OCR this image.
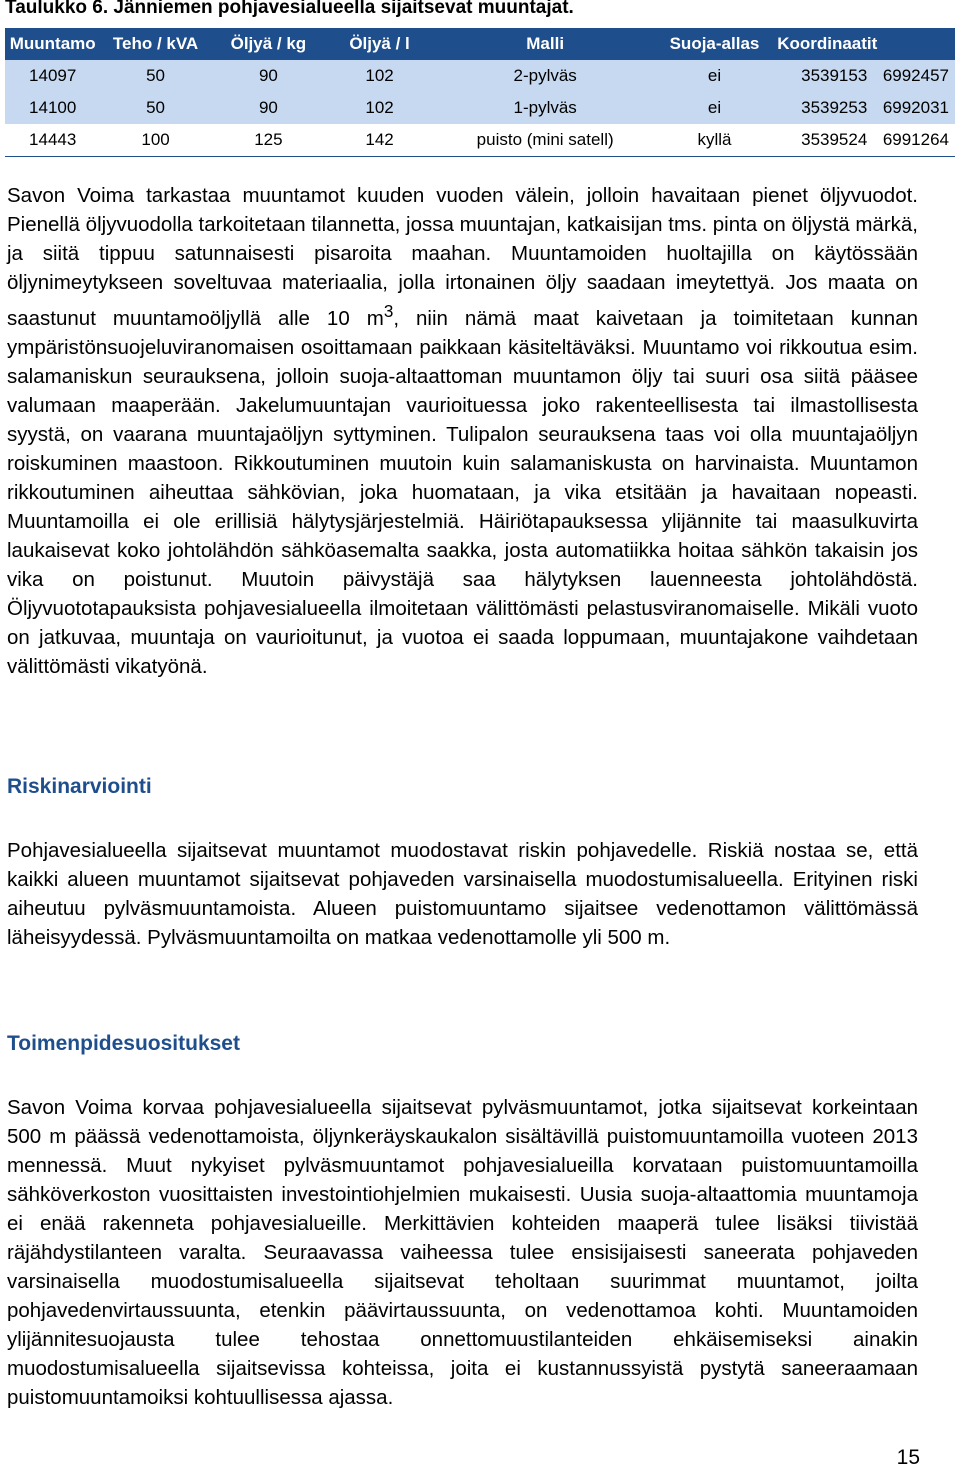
Taulukko 6. Jänniemen pohjavesialueella sijaitsevat muuntajat.

Muuntamo	Teho / kVA	Öljyä / kg	Öljyä / l	Malli	Suoja-allas	Koordinaatit	
14097	50	90	102	2-pylväs	ei	3539153	6992457
14100	50	90	102	1-pylväs	ei	3539253	6992031
14443	100	125	142	puisto (mini satell)	kyllä	3539524	6991264

Savon Voima tarkastaa muuntamot kuuden vuoden välein, jolloin havaitaan pienet öljyvuodot. Pienellä öljyvuodolla tarkoitetaan tilannetta, jossa muuntajan, katkaisijan tms. pinta on öljystä märkä, ja siitä tippuu satunnaisesti pisaroita maahan. Muuntamoiden huoltajilla on käytössään öljynimeytykseen soveltuvaa materiaalia, jolla irtonainen öljy saadaan imeytettyä. Jos maata on saastunut muuntamoöljyllä alle 10 $m^3$, niin nämä maat kaivetaan ja toimitetaan kunnan ympäristönsuojeluviranomaisen osoittamaan paikkaan käsiteltäväksi. Muuntamo voi rikkoutua esim. salamaniskun seurauksena, jolloin suoja-altaattoman muuntamon öljy tai suuri osa siitä pääsee valumaan maaperään. Jakelumuuntajan vaurioituessa joko rakenteellisesta tai ilmastollisesta syystä, on vaarana muuntajaöljyn syttyminen. Tulipalon seurauksena taas voi olla muuntajaöljyn roiskuminen maastoon. Rikkoutuminen muutoin kuin salamaniskusta on harvinaista. Muuntamon rikkoutuminen aiheuttaa sähkövian, joka huomataan, ja vika etsitään ja havaitaan nopeasti. Muuntamoilla ei ole erillisiä hälytysjärjestelmiä. Häiriötapauksessa ylijännite tai maasulkuvirta laukaisevat koko johtolähdön sähköasemalta saakka, josta automatiikka hoitaa sähkön takaisin jos vika on poistunut. Muutoin päivystäjä saa hälytyksen lauenneesta johtolähdöstä. Öljyvuototapauksista pohjavesialueella ilmoitetaan välittömästi pelastusviranomaiselle. Mikäli vuoto on jatkuvaa, muuntaja on vaurioitunut, ja vuotoa ei saada loppumaan, muuntajakone vaihdetaan välittömästi vikatyönä.

Riskinarviointi

Pohjavesialueella sijaitsevat muuntamot muodostavat riskin pohjavedelle. Riskiä nostaa se, että kaikki alueen muuntamot sijaitsevat pohjaveden varsinaisella muodostumisalueella. Erityinen riski aiheutuu pylväsmuuntamoista. Alueen puistomuuntamo sijaitsee vedenottamon välittömässä läheisyydessä. Pylväsmuuntamoilta on matkaa vedenottamolle yli 500 m.

Toimenpidesuositukset

Savon Voima korvaa pohjavesialueella sijaitsevat pylväsmuuntamot, jotka sijaitsevat korkeintaan 500 m päässä vedenottamoista, öljynkeräyskaukalon sisältävillä puistomuuntamoilla vuoteen 2013 mennessä. Muut nykyiset pylväsmuuntamot pohjavesialueilla korvataan puistomuuntamoilla sähköverkoston vuosittaisten investointiohjelmien mukaisesti. Uusia suoja-altaattomia muuntamoja ei enää rakenneta pohjavesialueille. Merkittävien kohteiden maaperä tulee lisäksi tiivistää räjähdystilanteen varalta. Seuraavassa vaiheessa tulee ensisijaisesti saneerata pohjaveden varsinaisella muodostumisalueella sijaitsevat teholtaan suurimmat muuntamot, joilta pohjavedenvirtaussuunta, etenkin päävirtaussuunta, on vedenottamoa kohti. Muuntamoiden ylijännitesuojausta tulee tehostaa onnettomuustilanteiden ehkäisemiseksi ainakin muodostumisalueella sijaitsevissa kohteissa, joita ei kustannussyistä pystytä saneeraamaan puistomuuntamoiksi kohtuullisessa ajassa.

15
